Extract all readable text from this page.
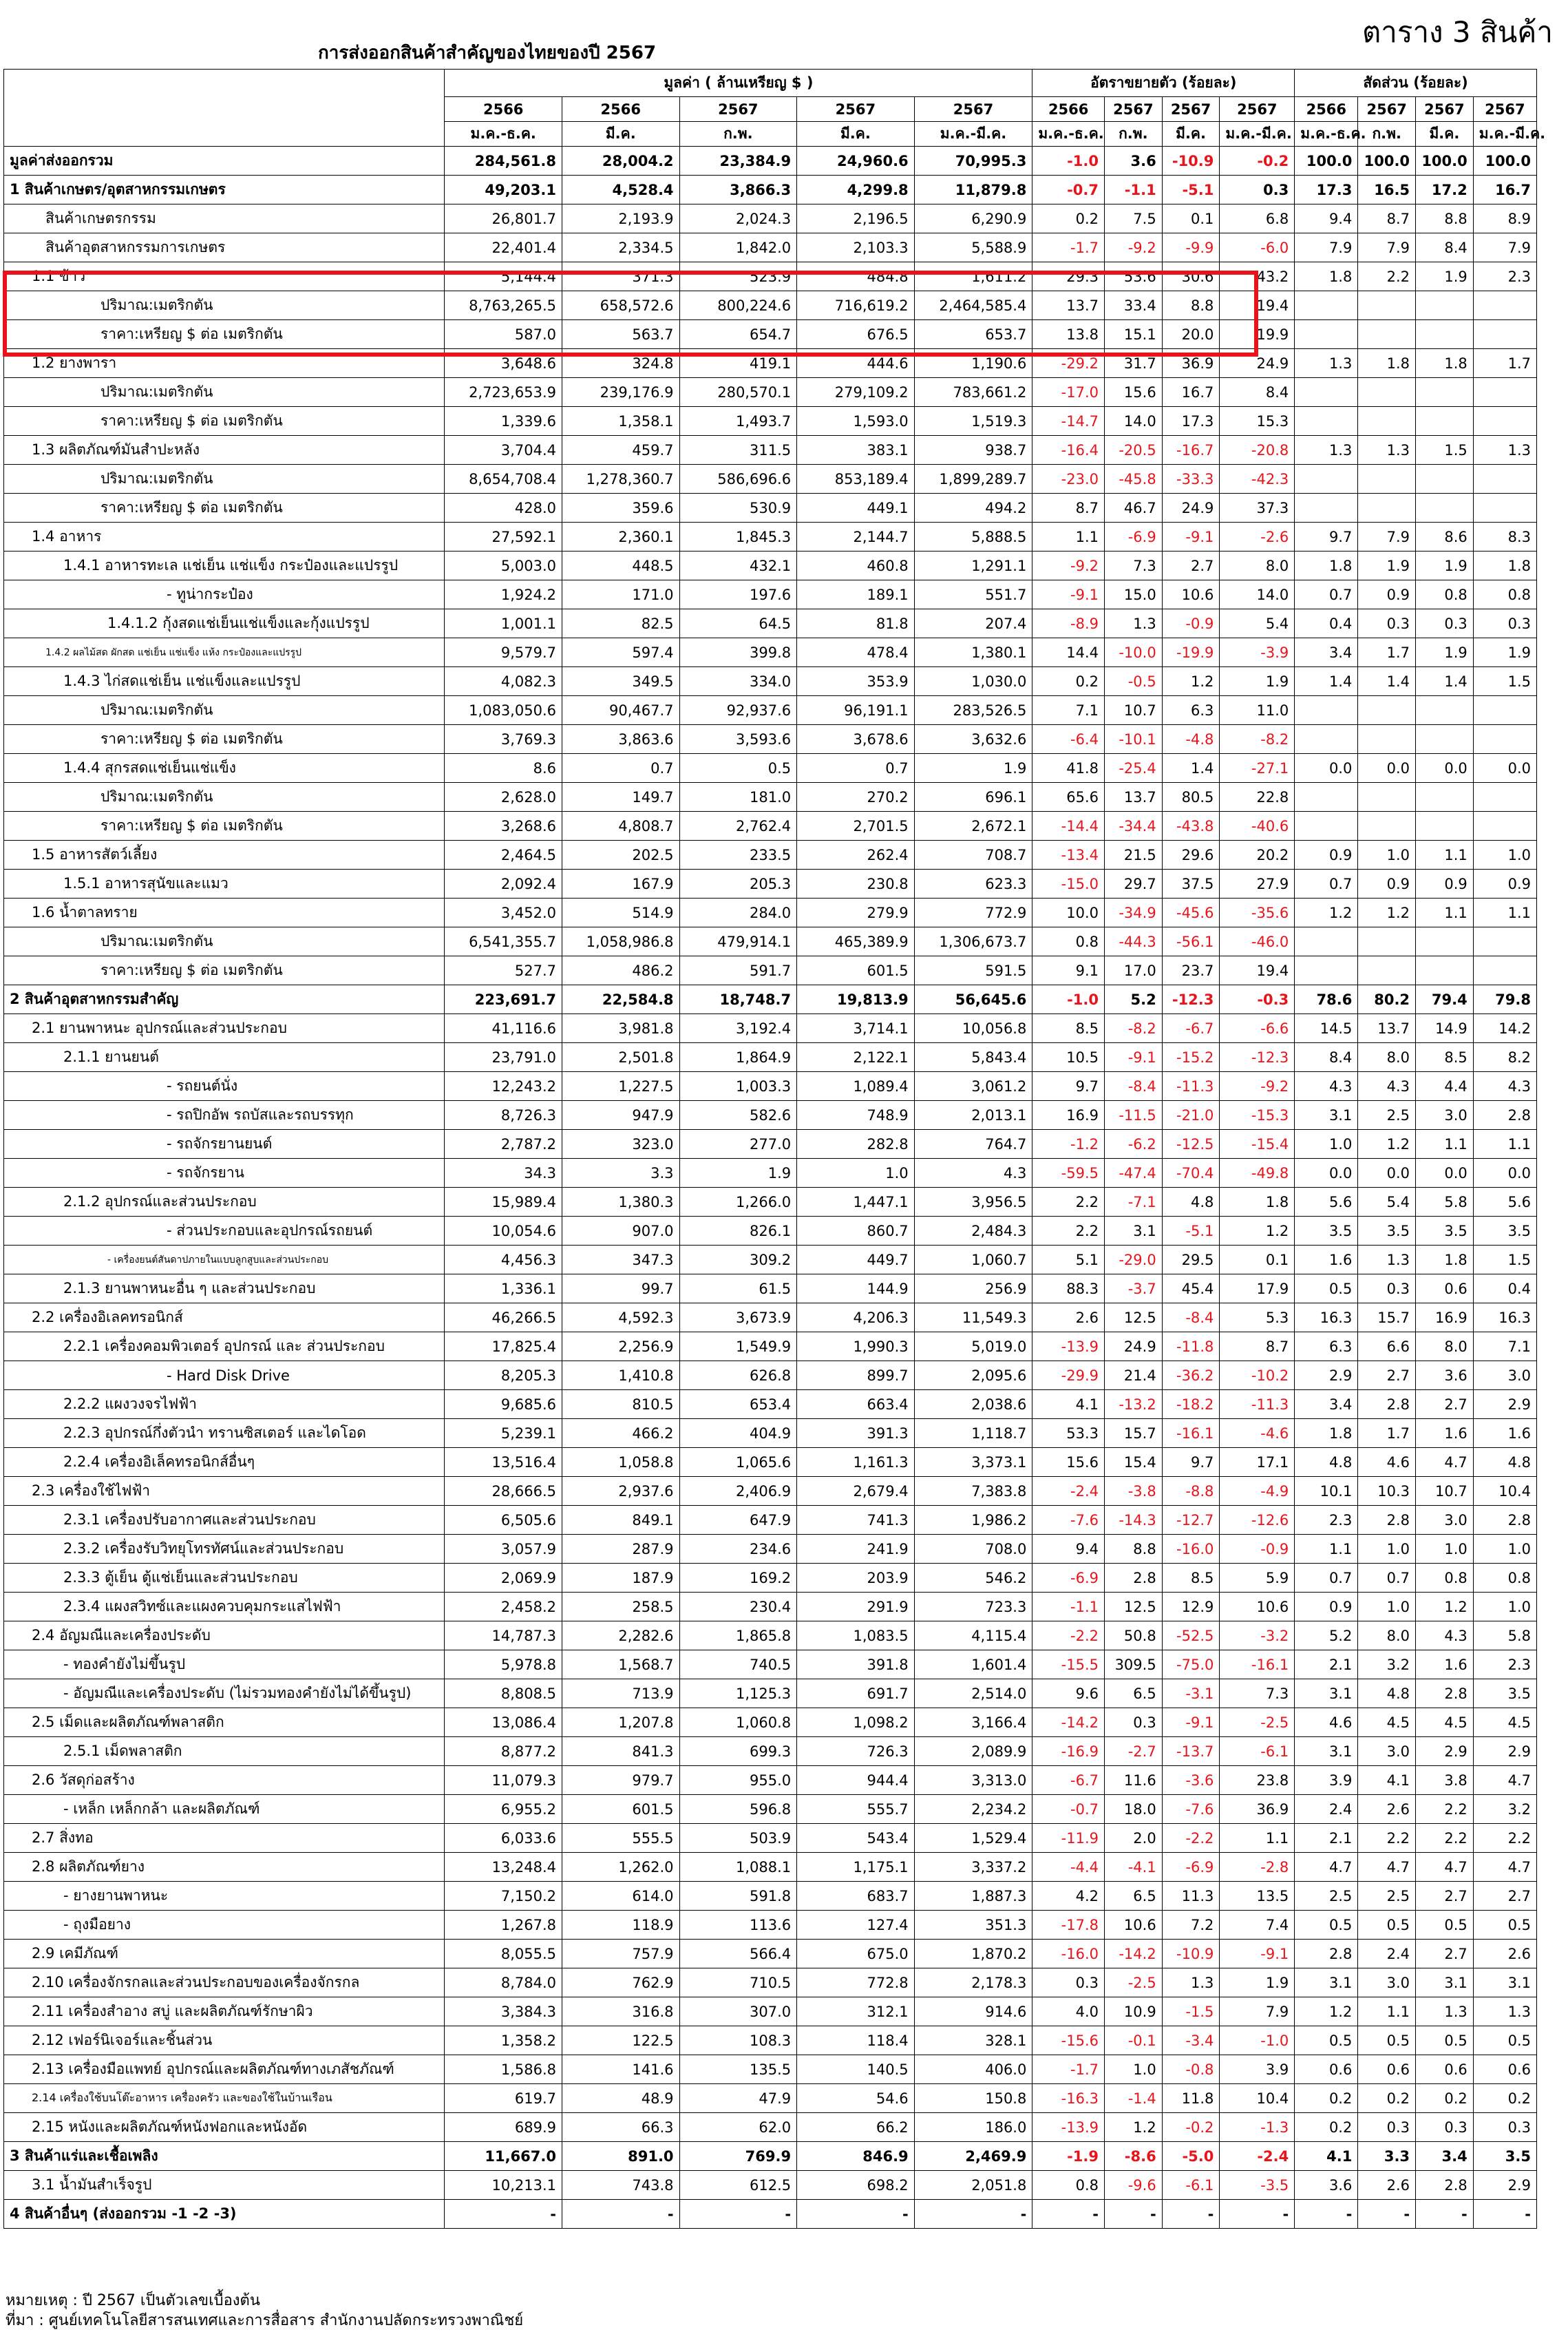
ตาราง 3 สินค้า
การส่งออกสินค้าสำคัญของไทยของปี 2567
	มูลค่า ( ล้านเหรียญ $ )					อัตราขยายตัว (ร้อยละ)				สัดส่วน (ร้อยละ)			
	2566	2566	2567	2567	2567	2566	2567	2567	2567	2566	2567	2567	2567
	ม.ค.-ธ.ค.	มี.ค.	ก.พ.	มี.ค.	ม.ค.-มี.ค.	ม.ค.-ธ.ค.	ก.พ.	มี.ค.	ม.ค.-มี.ค.	ม.ค.-ธ.ค.	ก.พ.	มี.ค.	ม.ค.-มี.ค.
มูลค่าส่งออกรวม	284,561.8	28,004.2	23,384.9	24,960.6	70,995.3	-1.0	3.6	-10.9	-0.2	100.0	100.0	100.0	100.0
1 สินค้าเกษตร/อุตสาหกรรมเกษตร	49,203.1	4,528.4	3,866.3	4,299.8	11,879.8	-0.7	-1.1	-5.1	0.3	17.3	16.5	17.2	16.7
สินค้าเกษตรกรรม	26,801.7	2,193.9	2,024.3	2,196.5	6,290.9	0.2	7.5	0.1	6.8	9.4	8.7	8.8	8.9
สินค้าอุตสาหกรรมการเกษตร	22,401.4	2,334.5	1,842.0	2,103.3	5,588.9	-1.7	-9.2	-9.9	-6.0	7.9	7.9	8.4	7.9
1.1 ข้าว	5,144.4	371.3	523.9	484.8	1,611.2	29.3	53.6	30.6	43.2	1.8	2.2	1.9	2.3
ปริมาณ:เมตริกตัน	8,763,265.5	658,572.6	800,224.6	716,619.2	2,464,585.4	13.7	33.4	8.8	19.4				
ราคา:เหรียญ $ ต่อ เมตริกตัน	587.0	563.7	654.7	676.5	653.7	13.8	15.1	20.0	19.9				
1.2 ยางพารา	3,648.6	324.8	419.1	444.6	1,190.6	-29.2	31.7	36.9	24.9	1.3	1.8	1.8	1.7
ปริมาณ:เมตริกตัน	2,723,653.9	239,176.9	280,570.1	279,109.2	783,661.2	-17.0	15.6	16.7	8.4				
ราคา:เหรียญ $ ต่อ เมตริกตัน	1,339.6	1,358.1	1,493.7	1,593.0	1,519.3	-14.7	14.0	17.3	15.3				
1.3 ผลิตภัณฑ์มันสำปะหลัง	3,704.4	459.7	311.5	383.1	938.7	-16.4	-20.5	-16.7	-20.8	1.3	1.3	1.5	1.3
ปริมาณ:เมตริกตัน	8,654,708.4	1,278,360.7	586,696.6	853,189.4	1,899,289.7	-23.0	-45.8	-33.3	-42.3				
ราคา:เหรียญ $ ต่อ เมตริกตัน	428.0	359.6	530.9	449.1	494.2	8.7	46.7	24.9	37.3				
1.4 อาหาร	27,592.1	2,360.1	1,845.3	2,144.7	5,888.5	1.1	-6.9	-9.1	-2.6	9.7	7.9	8.6	8.3
1.4.1 อาหารทะเล แช่เย็น แช่แข็ง กระป๋องและแปรรูป	5,003.0	448.5	432.1	460.8	1,291.1	-9.2	7.3	2.7	8.0	1.8	1.9	1.9	1.8
- ทูน่ากระป๋อง	1,924.2	171.0	197.6	189.1	551.7	-9.1	15.0	10.6	14.0	0.7	0.9	0.8	0.8
1.4.1.2 กุ้งสดแช่เย็นแช่แข็งและกุ้งแปรรูป	1,001.1	82.5	64.5	81.8	207.4	-8.9	1.3	-0.9	5.4	0.4	0.3	0.3	0.3
1.4.2 ผลไม้สด ผักสด แช่เย็น แช่แข็ง แห้ง กระป๋องและแปรรูป	9,579.7	597.4	399.8	478.4	1,380.1	14.4	-10.0	-19.9	-3.9	3.4	1.7	1.9	1.9
1.4.3 ไก่สดแช่เย็น แช่แข็งและแปรรูป	4,082.3	349.5	334.0	353.9	1,030.0	0.2	-0.5	1.2	1.9	1.4	1.4	1.4	1.5
ปริมาณ:เมตริกตัน	1,083,050.6	90,467.7	92,937.6	96,191.1	283,526.5	7.1	10.7	6.3	11.0				
ราคา:เหรียญ $ ต่อ เมตริกตัน	3,769.3	3,863.6	3,593.6	3,678.6	3,632.6	-6.4	-10.1	-4.8	-8.2				
1.4.4 สุกรสดแช่เย็นแช่แข็ง	8.6	0.7	0.5	0.7	1.9	41.8	-25.4	1.4	-27.1	0.0	0.0	0.0	0.0
ปริมาณ:เมตริกตัน	2,628.0	149.7	181.0	270.2	696.1	65.6	13.7	80.5	22.8				
ราคา:เหรียญ $ ต่อ เมตริกตัน	3,268.6	4,808.7	2,762.4	2,701.5	2,672.1	-14.4	-34.4	-43.8	-40.6				
1.5 อาหารสัตว์เลี้ยง	2,464.5	202.5	233.5	262.4	708.7	-13.4	21.5	29.6	20.2	0.9	1.0	1.1	1.0
1.5.1 อาหารสุนัขและแมว	2,092.4	167.9	205.3	230.8	623.3	-15.0	29.7	37.5	27.9	0.7	0.9	0.9	0.9
1.6 น้ำตาลทราย	3,452.0	514.9	284.0	279.9	772.9	10.0	-34.9	-45.6	-35.6	1.2	1.2	1.1	1.1
ปริมาณ:เมตริกตัน	6,541,355.7	1,058,986.8	479,914.1	465,389.9	1,306,673.7	0.8	-44.3	-56.1	-46.0				
ราคา:เหรียญ $ ต่อ เมตริกตัน	527.7	486.2	591.7	601.5	591.5	9.1	17.0	23.7	19.4				
2 สินค้าอุตสาหกรรมสำคัญ	223,691.7	22,584.8	18,748.7	19,813.9	56,645.6	-1.0	5.2	-12.3	-0.3	78.6	80.2	79.4	79.8
2.1 ยานพาหนะ อุปกรณ์และส่วนประกอบ	41,116.6	3,981.8	3,192.4	3,714.1	10,056.8	8.5	-8.2	-6.7	-6.6	14.5	13.7	14.9	14.2
2.1.1 ยานยนต์	23,791.0	2,501.8	1,864.9	2,122.1	5,843.4	10.5	-9.1	-15.2	-12.3	8.4	8.0	8.5	8.2
- รถยนต์นั่ง	12,243.2	1,227.5	1,003.3	1,089.4	3,061.2	9.7	-8.4	-11.3	-9.2	4.3	4.3	4.4	4.3
- รถปิกอัพ รถบัสและรถบรรทุก	8,726.3	947.9	582.6	748.9	2,013.1	16.9	-11.5	-21.0	-15.3	3.1	2.5	3.0	2.8
- รถจักรยานยนต์	2,787.2	323.0	277.0	282.8	764.7	-1.2	-6.2	-12.5	-15.4	1.0	1.2	1.1	1.1
- รถจักรยาน	34.3	3.3	1.9	1.0	4.3	-59.5	-47.4	-70.4	-49.8	0.0	0.0	0.0	0.0
2.1.2 อุปกรณ์และส่วนประกอบ	15,989.4	1,380.3	1,266.0	1,447.1	3,956.5	2.2	-7.1	4.8	1.8	5.6	5.4	5.8	5.6
- ส่วนประกอบและอุปกรณ์รถยนต์	10,054.6	907.0	826.1	860.7	2,484.3	2.2	3.1	-5.1	1.2	3.5	3.5	3.5	3.5
- เครื่องยนต์สันดาปภายในแบบลูกสูบและส่วนประกอบ	4,456.3	347.3	309.2	449.7	1,060.7	5.1	-29.0	29.5	0.1	1.6	1.3	1.8	1.5
2.1.3 ยานพาหนะอื่น ๆ และส่วนประกอบ	1,336.1	99.7	61.5	144.9	256.9	88.3	-3.7	45.4	17.9	0.5	0.3	0.6	0.4
2.2 เครื่องอิเลคทรอนิกส์	46,266.5	4,592.3	3,673.9	4,206.3	11,549.3	2.6	12.5	-8.4	5.3	16.3	15.7	16.9	16.3
2.2.1 เครื่องคอมพิวเตอร์ อุปกรณ์ และ ส่วนประกอบ	17,825.4	2,256.9	1,549.9	1,990.3	5,019.0	-13.9	24.9	-11.8	8.7	6.3	6.6	8.0	7.1
- Hard Disk Drive	8,205.3	1,410.8	626.8	899.7	2,095.6	-29.9	21.4	-36.2	-10.2	2.9	2.7	3.6	3.0
2.2.2 แผงวงจรไฟฟ้า	9,685.6	810.5	653.4	663.4	2,038.6	4.1	-13.2	-18.2	-11.3	3.4	2.8	2.7	2.9
2.2.3 อุปกรณ์กึ่งตัวนำ ทรานซิสเตอร์ และไดโอด	5,239.1	466.2	404.9	391.3	1,118.7	53.3	15.7	-16.1	-4.6	1.8	1.7	1.6	1.6
2.2.4 เครื่องอิเล็คทรอนิกส์อื่นๆ	13,516.4	1,058.8	1,065.6	1,161.3	3,373.1	15.6	15.4	9.7	17.1	4.8	4.6	4.7	4.8
2.3 เครื่องใช้ไฟฟ้า	28,666.5	2,937.6	2,406.9	2,679.4	7,383.8	-2.4	-3.8	-8.8	-4.9	10.1	10.3	10.7	10.4
2.3.1 เครื่องปรับอากาศและส่วนประกอบ	6,505.6	849.1	647.9	741.3	1,986.2	-7.6	-14.3	-12.7	-12.6	2.3	2.8	3.0	2.8
2.3.2 เครื่องรับวิทยุโทรทัศน์และส่วนประกอบ	3,057.9	287.9	234.6	241.9	708.0	9.4	8.8	-16.0	-0.9	1.1	1.0	1.0	1.0
2.3.3 ตู้เย็น ตู้แช่เย็นและส่วนประกอบ	2,069.9	187.9	169.2	203.9	546.2	-6.9	2.8	8.5	5.9	0.7	0.7	0.8	0.8
2.3.4 แผงสวิทซ์และแผงควบคุมกระแสไฟฟ้า	2,458.2	258.5	230.4	291.9	723.3	-1.1	12.5	12.9	10.6	0.9	1.0	1.2	1.0
2.4 อัญมณีและเครื่องประดับ	14,787.3	2,282.6	1,865.8	1,083.5	4,115.4	-2.2	50.8	-52.5	-3.2	5.2	8.0	4.3	5.8
- ทองคำยังไม่ขึ้นรูป	5,978.8	1,568.7	740.5	391.8	1,601.4	-15.5	309.5	-75.0	-16.1	2.1	3.2	1.6	2.3
- อัญมณีและเครื่องประดับ (ไม่รวมทองคำยังไม่ได้ขึ้นรูป)	8,808.5	713.9	1,125.3	691.7	2,514.0	9.6	6.5	-3.1	7.3	3.1	4.8	2.8	3.5
2.5 เม็ดและผลิตภัณฑ์พลาสติก	13,086.4	1,207.8	1,060.8	1,098.2	3,166.4	-14.2	0.3	-9.1	-2.5	4.6	4.5	4.5	4.5
2.5.1 เม็ดพลาสติก	8,877.2	841.3	699.3	726.3	2,089.9	-16.9	-2.7	-13.7	-6.1	3.1	3.0	2.9	2.9
2.6 วัสดุก่อสร้าง	11,079.3	979.7	955.0	944.4	3,313.0	-6.7	11.6	-3.6	23.8	3.9	4.1	3.8	4.7
- เหล็ก เหล็กกล้า และผลิตภัณฑ์	6,955.2	601.5	596.8	555.7	2,234.2	-0.7	18.0	-7.6	36.9	2.4	2.6	2.2	3.2
2.7 สิ่งทอ	6,033.6	555.5	503.9	543.4	1,529.4	-11.9	2.0	-2.2	1.1	2.1	2.2	2.2	2.2
2.8 ผลิตภัณฑ์ยาง	13,248.4	1,262.0	1,088.1	1,175.1	3,337.2	-4.4	-4.1	-6.9	-2.8	4.7	4.7	4.7	4.7
- ยางยานพาหนะ	7,150.2	614.0	591.8	683.7	1,887.3	4.2	6.5	11.3	13.5	2.5	2.5	2.7	2.7
- ถุงมือยาง	1,267.8	118.9	113.6	127.4	351.3	-17.8	10.6	7.2	7.4	0.5	0.5	0.5	0.5
2.9 เคมีภัณฑ์	8,055.5	757.9	566.4	675.0	1,870.2	-16.0	-14.2	-10.9	-9.1	2.8	2.4	2.7	2.6
2.10 เครื่องจักรกลและส่วนประกอบของเครื่องจักรกล	8,784.0	762.9	710.5	772.8	2,178.3	0.3	-2.5	1.3	1.9	3.1	3.0	3.1	3.1
2.11 เครื่องสำอาง สบู่ และผลิตภัณฑ์รักษาผิว	3,384.3	316.8	307.0	312.1	914.6	4.0	10.9	-1.5	7.9	1.2	1.1	1.3	1.3
2.12 เฟอร์นิเจอร์และชิ้นส่วน	1,358.2	122.5	108.3	118.4	328.1	-15.6	-0.1	-3.4	-1.0	0.5	0.5	0.5	0.5
2.13 เครื่องมือแพทย์ อุปกรณ์และผลิตภัณฑ์ทางเภสัชภัณฑ์	1,586.8	141.6	135.5	140.5	406.0	-1.7	1.0	-0.8	3.9	0.6	0.6	0.6	0.6
2.14 เครื่องใช้บนโต๊ะอาหาร เครื่องครัว และของใช้ในบ้านเรือน	619.7	48.9	47.9	54.6	150.8	-16.3	-1.4	11.8	10.4	0.2	0.2	0.2	0.2
2.15 หนังและผลิตภัณฑ์หนังฟอกและหนังอัด	689.9	66.3	62.0	66.2	186.0	-13.9	1.2	-0.2	-1.3	0.2	0.3	0.3	0.3
3 สินค้าแร่และเชื้อเพลิง	11,667.0	891.0	769.9	846.9	2,469.9	-1.9	-8.6	-5.0	-2.4	4.1	3.3	3.4	3.5
3.1 น้ำมันสำเร็จรูป	10,213.1	743.8	612.5	698.2	2,051.8	0.8	-9.6	-6.1	-3.5	3.6	2.6	2.8	2.9
4 สินค้าอื่นๆ (ส่งออกรวม -1 -2 -3)	-	-	-	-	-	-	-	-	-	-	-	-	-
หมายเหตุ : ปี 2567 เป็นตัวเลขเบื้องต้น
ที่มา : ศูนย์เทคโนโลยีสารสนเทศและการสื่อสาร สำนักงานปลัดกระทรวงพาณิชย์
